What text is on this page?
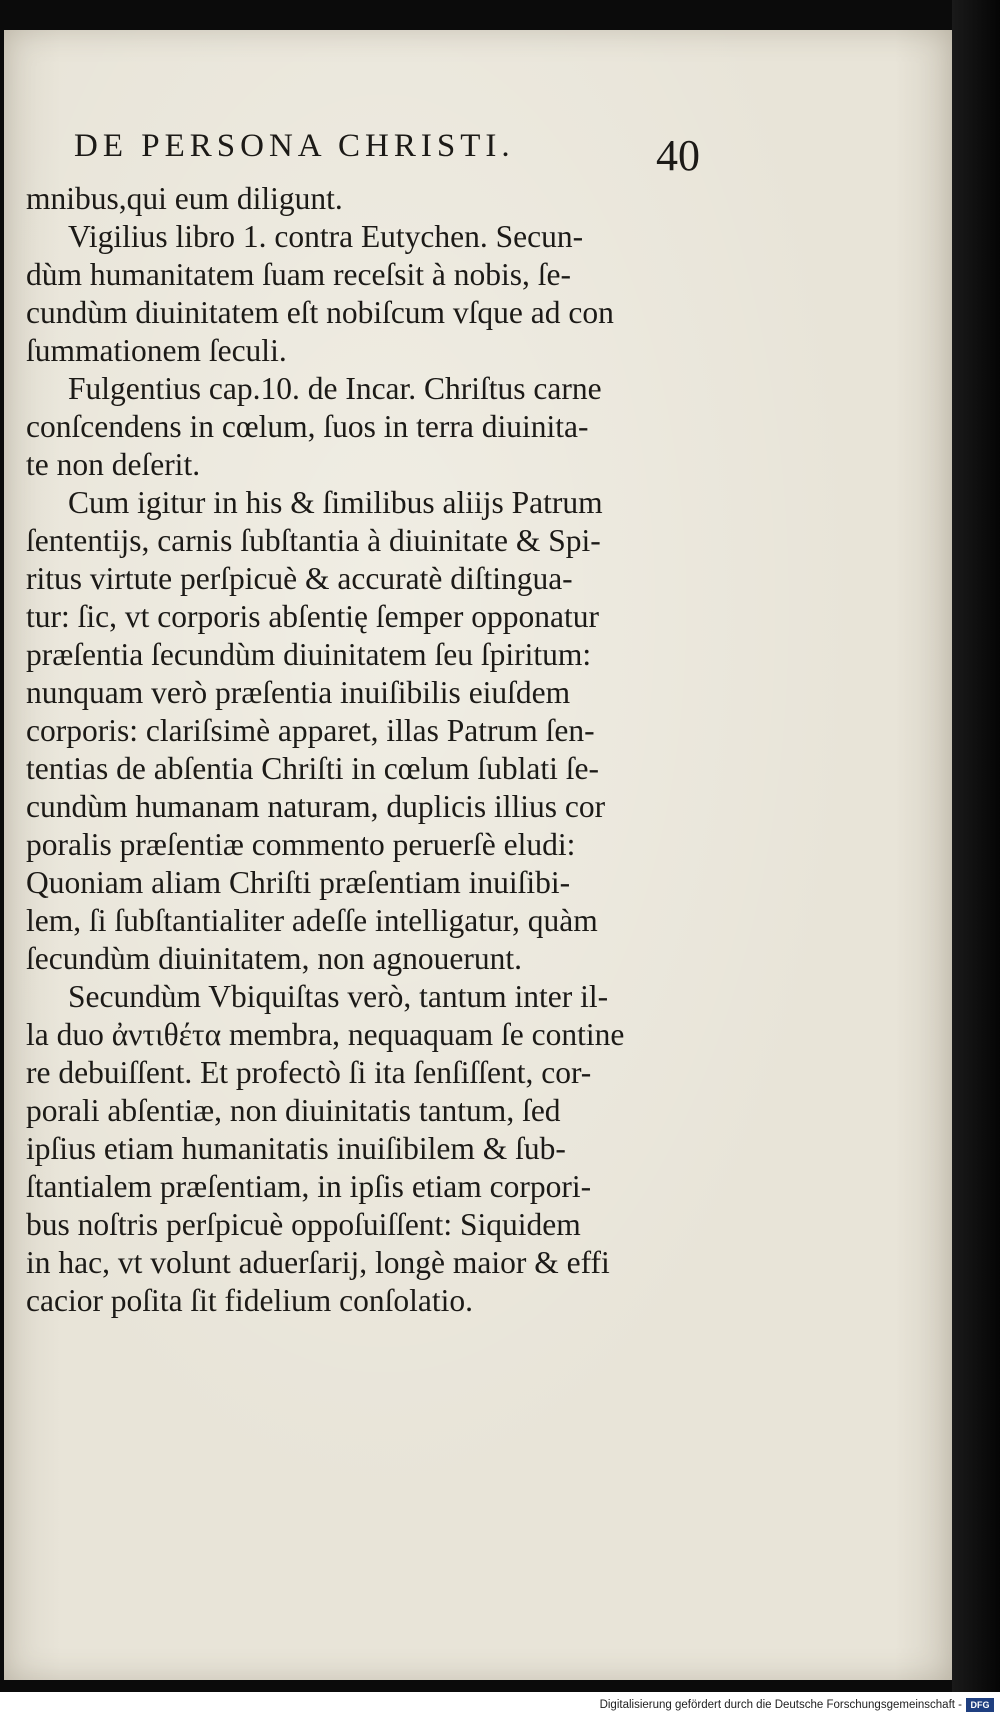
DE PERSONA CHRISTI.	40

mnibus,qui eum diligunt.

Vigilius libro 1. contra Eutychen. Secun-

dùm humanitatem ſuam receſsit à nobis, ſe-

cundùm diuinitatem eſt nobiſcum vſque ad con

ſummationem ſeculi.

Fulgentius cap.10. de Incar. Chriſtus carne

conſcendens in cœlum, ſuos in terra diuinita-

te non deſerit.

Cum igitur in his & ſimilibus aliijs Patrum

ſententijs, carnis ſubſtantia à diuinitate & Spi-

ritus virtute perſpicuè & accuratè diſtingua-

tur: ſic, vt corporis abſentię ſemper opponatur

præſentia ſecundùm diuinitatem ſeu ſpiritum:

nunquam verò præſentia inuiſibilis eiuſdem

corporis: clariſsimè apparet, illas Patrum ſen-

tentias de abſentia Chriſti in cœlum ſublati ſe-

cundùm humanam naturam, duplicis illius cor

poralis præſentiæ commento peruerſè eludi:

Quoniam aliam Chriſti præſentiam inuiſibi-

lem, ſi ſubſtantialiter adeſſe intelligatur, quàm

ſecundùm diuinitatem, non agnouerunt.

Secundùm Vbiquiſtas verò, tantum inter il-

la duo ἀντιθέτα membra, nequaquam ſe contine

re debuiſſent. Et profectò ſi ita ſenſiſſent, cor-

porali abſentiæ, non diuinitatis tantum, ſed

ipſius etiam humanitatis inuiſibilem & ſub-

ſtantialem præſentiam, in ipſis etiam corpori-

bus noſtris perſpicuè oppoſuiſſent: Siquidem

in hac, vt volunt aduerſarij, longè maior & effi

cacior poſita ſit fidelium conſolatio.

Digitalisierung gefördert durch die Deutsche Forschungsgemeinschaft - DFG
